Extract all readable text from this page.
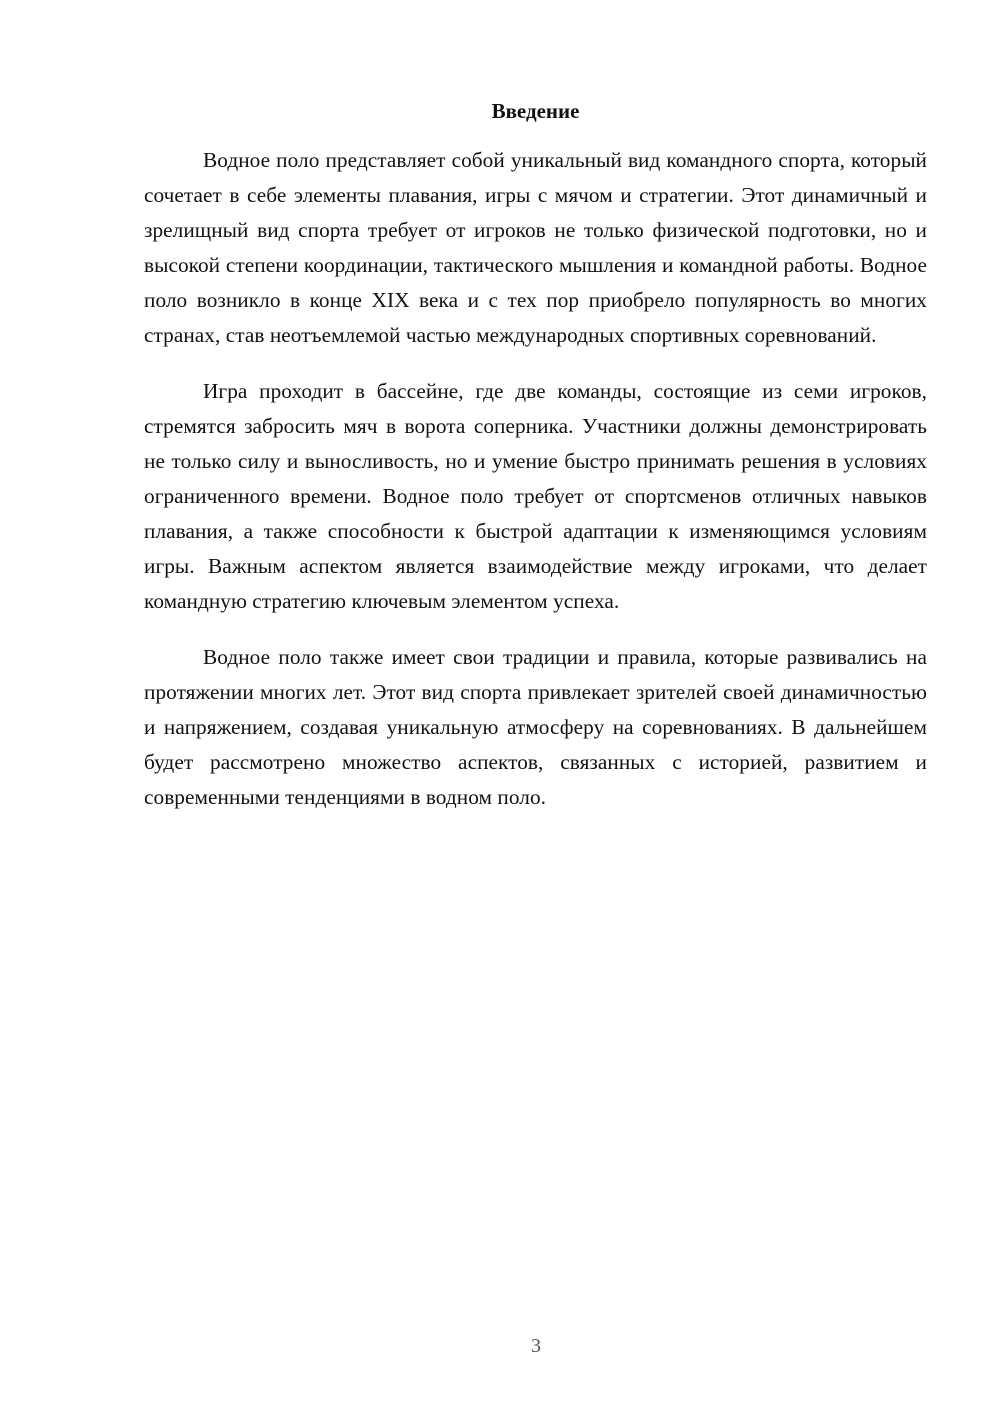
Введение

Водное поло представляет собой уникальный вид командного спорта, который сочетает в себе элементы плавания, игры с мячом и стратегии. Этот динамичный и зрелищный вид спорта требует от игроков не только физической подготовки, но и высокой степени координации, тактического мышления и командной работы. Водное поло возникло в конце XIX века и с тех пор приобрело популярность во многих странах, став неотъемлемой частью международных спортивных соревнований.

Игра проходит в бассейне, где две команды, состоящие из семи игроков, стремятся забросить мяч в ворота соперника. Участники должны демонстрировать не только силу и выносливость, но и умение быстро принимать решения в условиях ограниченного времени. Водное поло требует от спортсменов отличных навыков плавания, а также способности к быстрой адаптации к изменяющимся условиям игры. Важным аспектом является взаимодействие между игроками, что делает командную стратегию ключевым элементом успеха.

Водное поло также имеет свои традиции и правила, которые развивались на протяжении многих лет. Этот вид спорта привлекает зрителей своей динамичностью и напряжением, создавая уникальную атмосферу на соревнованиях. В дальнейшем будет рассмотрено множество аспектов, связанных с историей, развитием и современными тенденциями в водном поло.

3
